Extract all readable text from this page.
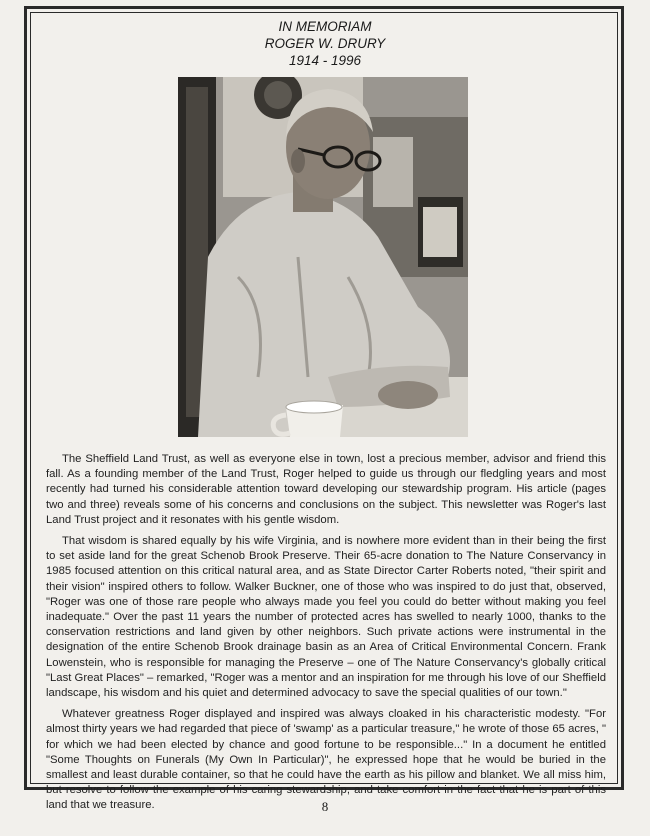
IN MEMORIAM
ROGER W. DRURY
1914 - 1996

The Sheffield Land Trust, as well as everyone else in town, lost a precious member, advisor and friend this fall. As a founding member of the Land Trust, Roger helped to guide us through our fledgling years and most recently had turned his considerable attention toward developing our stewardship program. His article (pages two and three) reveals some of his concerns and conclusions on the subject. This newsletter was Roger's last Land Trust project and it resonates with his gentle wisdom.

That wisdom is shared equally by his wife Virginia, and is nowhere more evident than in their being the first to set aside land for the great Schenob Brook Preserve. Their 65-acre donation to The Nature Conservancy in 1985 focused attention on this critical natural area, and as State Director Carter Roberts noted, "their spirit and their vision" inspired others to follow. Walker Buckner, one of those who was inspired to do just that, observed, "Roger was one of those rare people who always made you feel you could do better without making you feel inadequate." Over the past 11 years the number of protected acres has swelled to nearly 1000, thanks to the conservation restrictions and land given by other neighbors. Such private actions were instrumental in the designation of the entire Schenob Brook drainage basin as an Area of Critical Environmental Concern. Frank Lowenstein, who is responsible for managing the Preserve – one of The Nature Conservancy's globally critical "Last Great Places" – remarked, "Roger was a mentor and an inspiration for me through his love of our Sheffield landscape, his wisdom and his quiet and determined advocacy to save the special qualities of our town."

Whatever greatness Roger displayed and inspired was always cloaked in his characteristic modesty. "For almost thirty years we had regarded that piece of 'swamp' as a particular treasure," he wrote of those 65 acres, " for which we had been elected by chance and good fortune to be responsible..." In a document he entitled "Some Thoughts on Funerals (My Own In Particular)", he expressed hope that he would be buried in the smallest and least durable container, so that he could have the earth as his pillow and blanket. We all miss him, but resolve to follow the example of his caring stewardship, and take comfort in the fact that he is part of this land that we treasure.	8
